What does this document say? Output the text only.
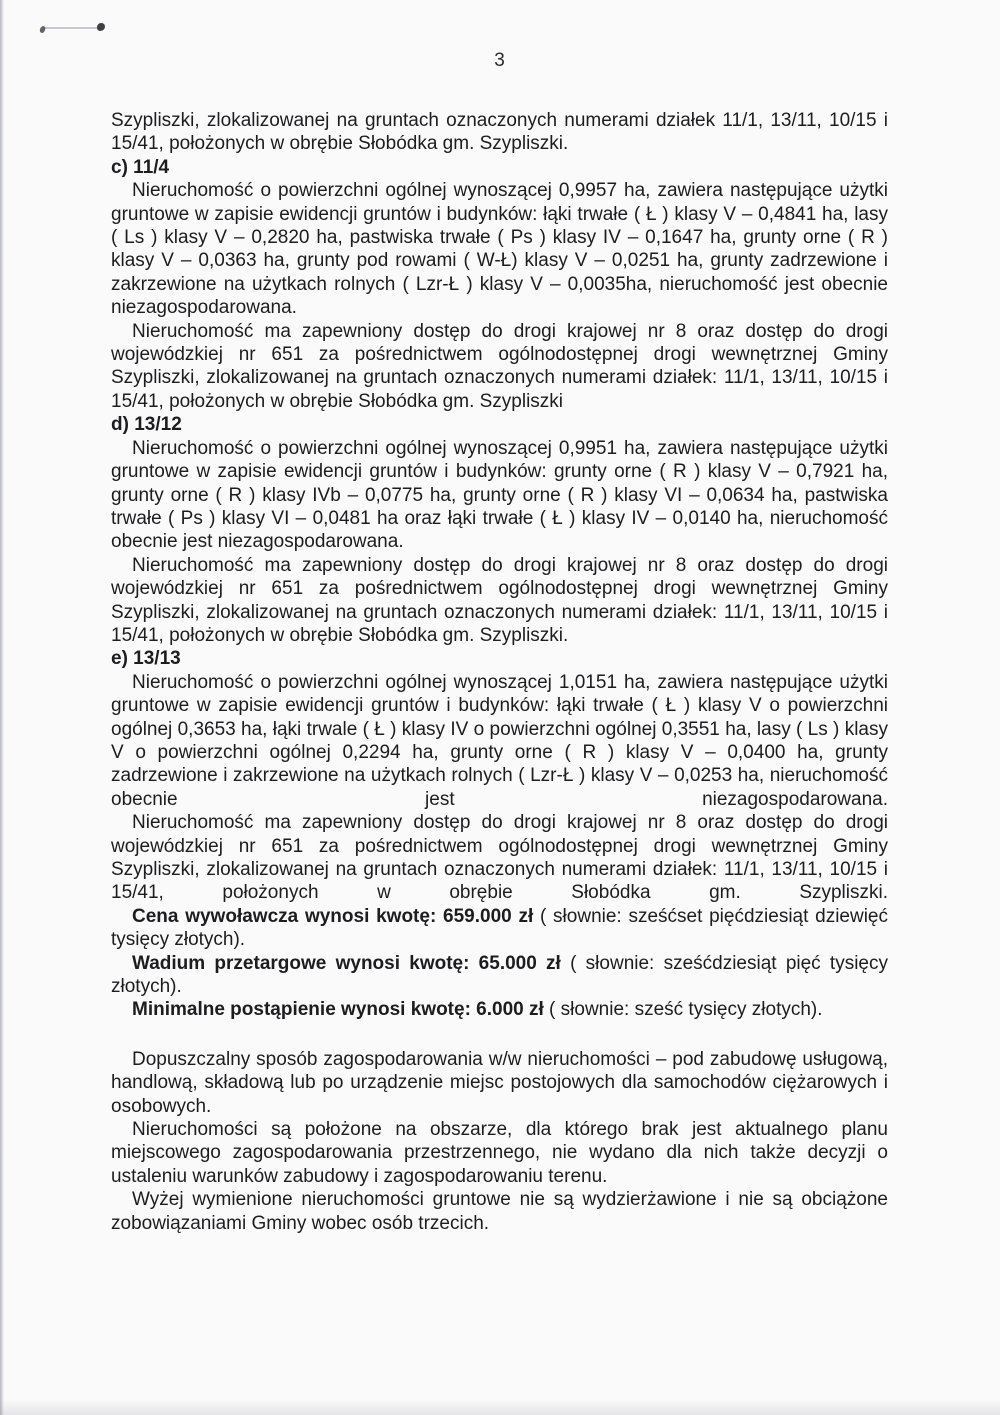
3

Szypliszki, zlokalizowanej na gruntach oznaczonych numerami działek 11/1, 13/11, 10/15 i 15/41, położonych w obrębie Słobódka gm. Szypliszki.

c) 11/4

Nieruchomość o powierzchni ogólnej wynoszącej 0,9957 ha, zawiera następujące użytki gruntowe w zapisie ewidencji gruntów i budynków: łąki trwałe ( Ł ) klasy V – 0,4841 ha, lasy ( Ls ) klasy V – 0,2820 ha, pastwiska trwałe ( Ps ) klasy IV – 0,1647 ha, grunty orne ( R ) klasy V – 0,0363 ha, grunty pod rowami ( W-Ł) klasy V – 0,0251 ha, grunty zadrzewione i zakrzewione na użytkach rolnych ( Lzr-Ł ) klasy V – 0,0035ha, nieruchomość jest obecnie niezagospodarowana.

Nieruchomość ma zapewniony dostęp do drogi krajowej nr 8 oraz dostęp do drogi wojewódzkiej nr 651 za pośrednictwem ogólnodostępnej drogi wewnętrznej Gminy Szypliszki, zlokalizowanej na gruntach oznaczonych numerami działek: 11/1, 13/11, 10/15 i 15/41, położonych w obrębie Słobódka gm. Szypliszki

d) 13/12

Nieruchomość o powierzchni ogólnej wynoszącej 0,9951 ha, zawiera następujące użytki gruntowe w zapisie ewidencji gruntów i budynków: grunty orne ( R ) klasy V – 0,7921 ha, grunty orne ( R ) klasy IVb – 0,0775 ha, grunty orne ( R ) klasy VI – 0,0634 ha, pastwiska trwałe ( Ps ) klasy VI – 0,0481 ha oraz łąki trwałe ( Ł ) klasy IV – 0,0140 ha, nieruchomość obecnie jest niezagospodarowana.

Nieruchomość ma zapewniony dostęp do drogi krajowej nr 8 oraz dostęp do drogi wojewódzkiej nr 651 za pośrednictwem ogólnodostępnej drogi wewnętrznej Gminy Szypliszki, zlokalizowanej na gruntach oznaczonych numerami działek: 11/1, 13/11, 10/15 i 15/41, położonych w obrębie Słobódka gm. Szypliszki.

e) 13/13

Nieruchomość o powierzchni ogólnej wynoszącej 1,0151 ha, zawiera następujące użytki gruntowe w zapisie ewidencji gruntów i budynków: łąki trwałe ( Ł ) klasy V o powierzchni ogólnej 0,3653 ha, łąki trwale ( Ł ) klasy IV o powierzchni ogólnej 0,3551 ha, lasy ( Ls ) klasy V o powierzchni ogólnej 0,2294 ha, grunty orne ( R ) klasy V – 0,0400 ha, grunty zadrzewione i zakrzewione na użytkach rolnych ( Lzr-Ł ) klasy V – 0,0253 ha, nieruchomość obecnie jest niezagospodarowana.

Nieruchomość ma zapewniony dostęp do drogi krajowej nr 8 oraz dostęp do drogi wojewódzkiej nr 651 za pośrednictwem ogólnodostępnej drogi wewnętrznej Gminy Szypliszki, zlokalizowanej na gruntach oznaczonych numerami działek: 11/1, 13/11, 10/15 i 15/41, położonych w obrębie Słobódka gm. Szypliszki.

Cena wywoławcza wynosi kwotę: 659.000 zł ( słownie: sześćset pięćdziesiąt dziewięć tysięcy złotych).

Wadium przetargowe wynosi kwotę: 65.000 zł ( słownie: sześćdziesiąt pięć tysięcy złotych).

Minimalne postąpienie wynosi kwotę: 6.000 zł ( słownie: sześć tysięcy złotych).

Dopuszczalny sposób zagospodarowania w/w nieruchomości – pod zabudowę usługową, handlową, składową lub po urządzenie miejsc postojowych dla samochodów ciężarowych i osobowych.

Nieruchomości są położone na obszarze, dla którego brak jest aktualnego planu miejscowego zagospodarowania przestrzennego, nie wydano dla nich także decyzji o ustaleniu warunków zabudowy i zagospodarowaniu terenu.

Wyżej wymienione nieruchomości gruntowe nie są wydzierżawione i nie są obciążone zobowiązaniami Gminy wobec osób trzecich.
